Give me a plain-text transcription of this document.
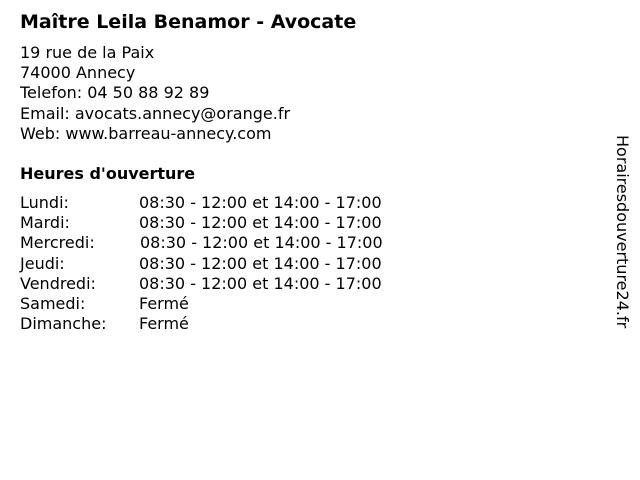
Maître Leila Benamor - Avocate
19 rue de la Paix
74000 Annecy
Telefon: 04 50 88 92 89
Email: avocats.annecy@orange.fr
Web: www.barreau-annecy.com
Heures d'ouverture
Lundi:	08:30 - 12:00 et 14:00 - 17:00
Mardi:	08:30 - 12:00 et 14:00 - 17:00
Mercredi:	08:30 - 12:00 et 14:00 - 17:00
Jeudi:	08:30 - 12:00 et 14:00 - 17:00
Vendredi:	08:30 - 12:00 et 14:00 - 17:00
Samedi:	Fermé
Dimanche: Fermé	Horairesdouverture24.fr
